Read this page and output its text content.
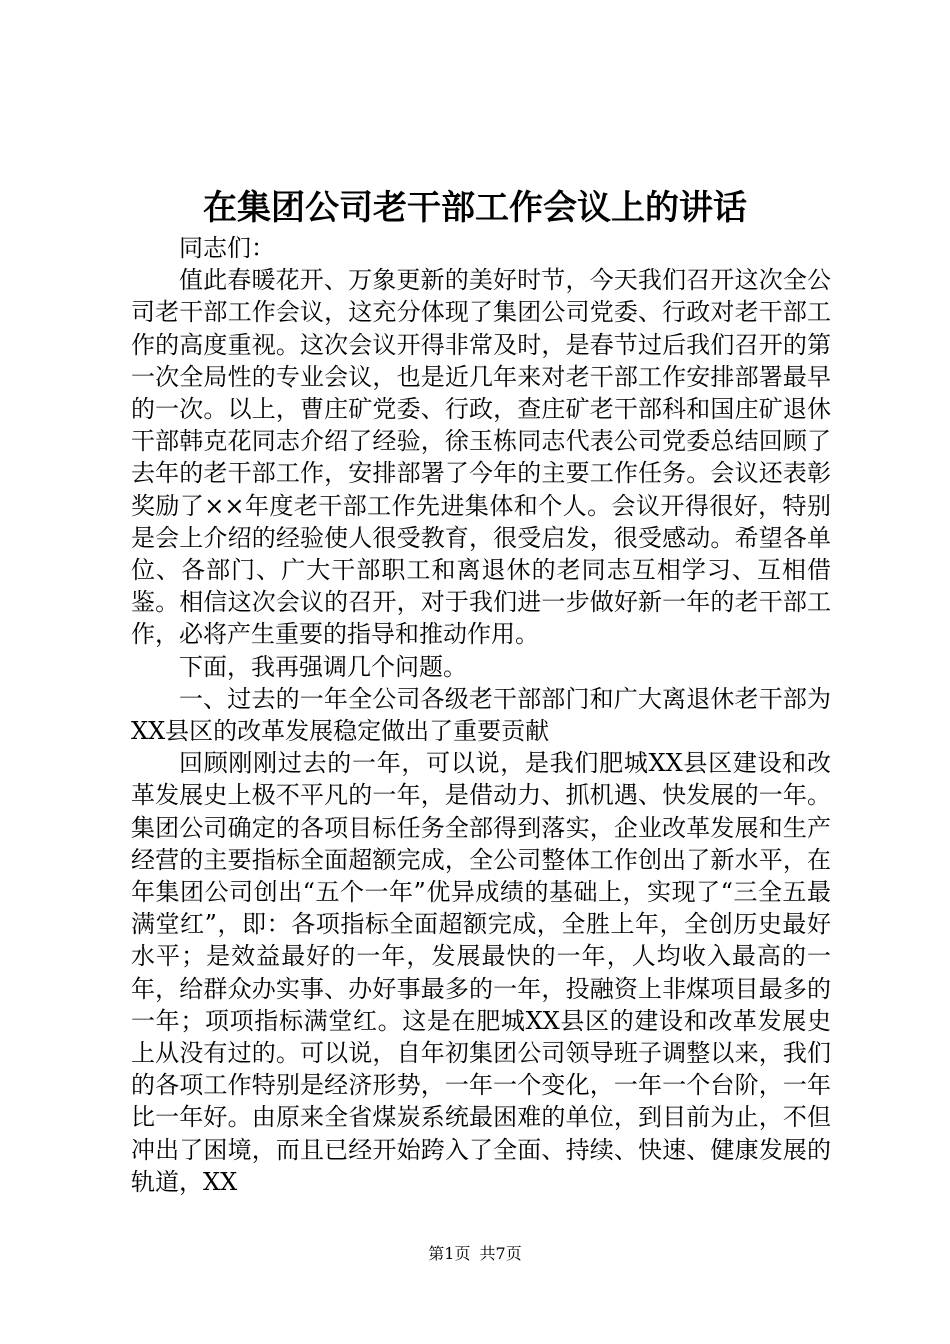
在集团公司老干部工作会议上的讲话

同志们：

值此春暖花开、万象更新的美好时节，今天我们召开这次全公司老干部工作会议，这充分体现了集团公司党委、行政对老干部工作的高度重视。这次会议开得非常及时，是春节过后我们召开的第一次全局性的专业会议，也是近几年来对老干部工作安排部署最早的一次。以上，曹庄矿党委、行政，查庄矿老干部科和国庄矿退休干部韩克花同志介绍了经验，徐玉栋同志代表公司党委总结回顾了去年的老干部工作，安排部署了今年的主要工作任务。会议还表彰奖励了××年度老干部工作先进集体和个人。会议开得很好，特别是会上介绍的经验使人很受教育，很受启发，很受感动。希望各单位、各部门、广大干部职工和离退休的老同志互相学习、互相借鉴。相信这次会议的召开，对于我们进一步做好新一年的老干部工作，必将产生重要的指导和推动作用。

下面，我再强调几个问题。

一、过去的一年全公司各级老干部部门和广大离退休老干部为XX县区的改革发展稳定做出了重要贡献

回顾刚刚过去的一年，可以说，是我们肥城XX县区建设和改革发展史上极不平凡的一年，是借动力、抓机遇、快发展的一年。集团公司确定的各项目标任务全部得到落实，企业改革发展和生产经营的主要指标全面超额完成，全公司整体工作创出了新水平，在年集团公司创出“五个一年”优异成绩的基础上，实现了“三全五最满堂红”，即：各项指标全面超额完成，全胜上年，全创历史最好水平；是效益最好的一年，发展最快的一年，人均收入最高的一年，给群众办实事、办好事最多的一年，投融资上非煤项目最多的一年；项项指标满堂红。这是在肥城XX县区的建设和改革发展史上从没有过的。可以说，自年初集团公司领导班子调整以来，我们的各项工作特别是经济形势，一年一个变化，一年一个台阶，一年比一年好。由原来全省煤炭系统最困难的单位，到目前为止，不但冲出了困境，而且已经开始跨入了全面、持续、快速、健康发展的轨道，XX

第1页 共7页
